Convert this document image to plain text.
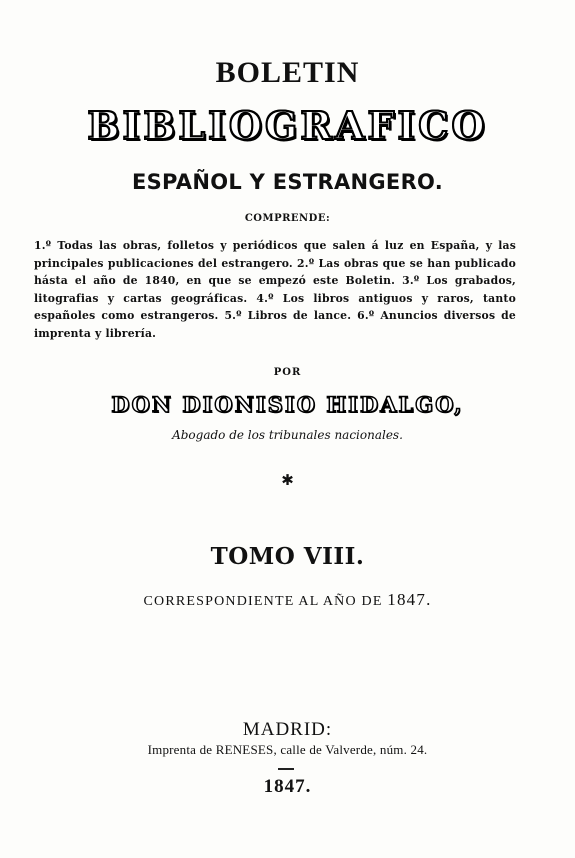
BOLETIN
BIBLIOGRAFICO
ESPAÑOL Y ESTRANGERO.
COMPRENDE:
1.º Todas las obras, folletos y periódicos que salen á luz en España, y las principales publicaciones del estrangero. 2.º Las obras que se han publicado hásta el año de 1840, en que se empezó este Boletin. 3.º Los grabados, litografias y cartas geográficas. 4.º Los libros antiguos y raros, tanto españoles como estrangeros. 5.º Libros de lance. 6.º Anuncios diversos de imprenta y librería.
POR
DON DIONISIO HIDALGO,
Abogado de los tribunales nacionales.
✱
TOMO VIII.
CORRESPONDIENTE AL AÑO DE 1847.
MADRID:
Imprenta de RENESES, calle de Valverde, núm. 24.
1847.
